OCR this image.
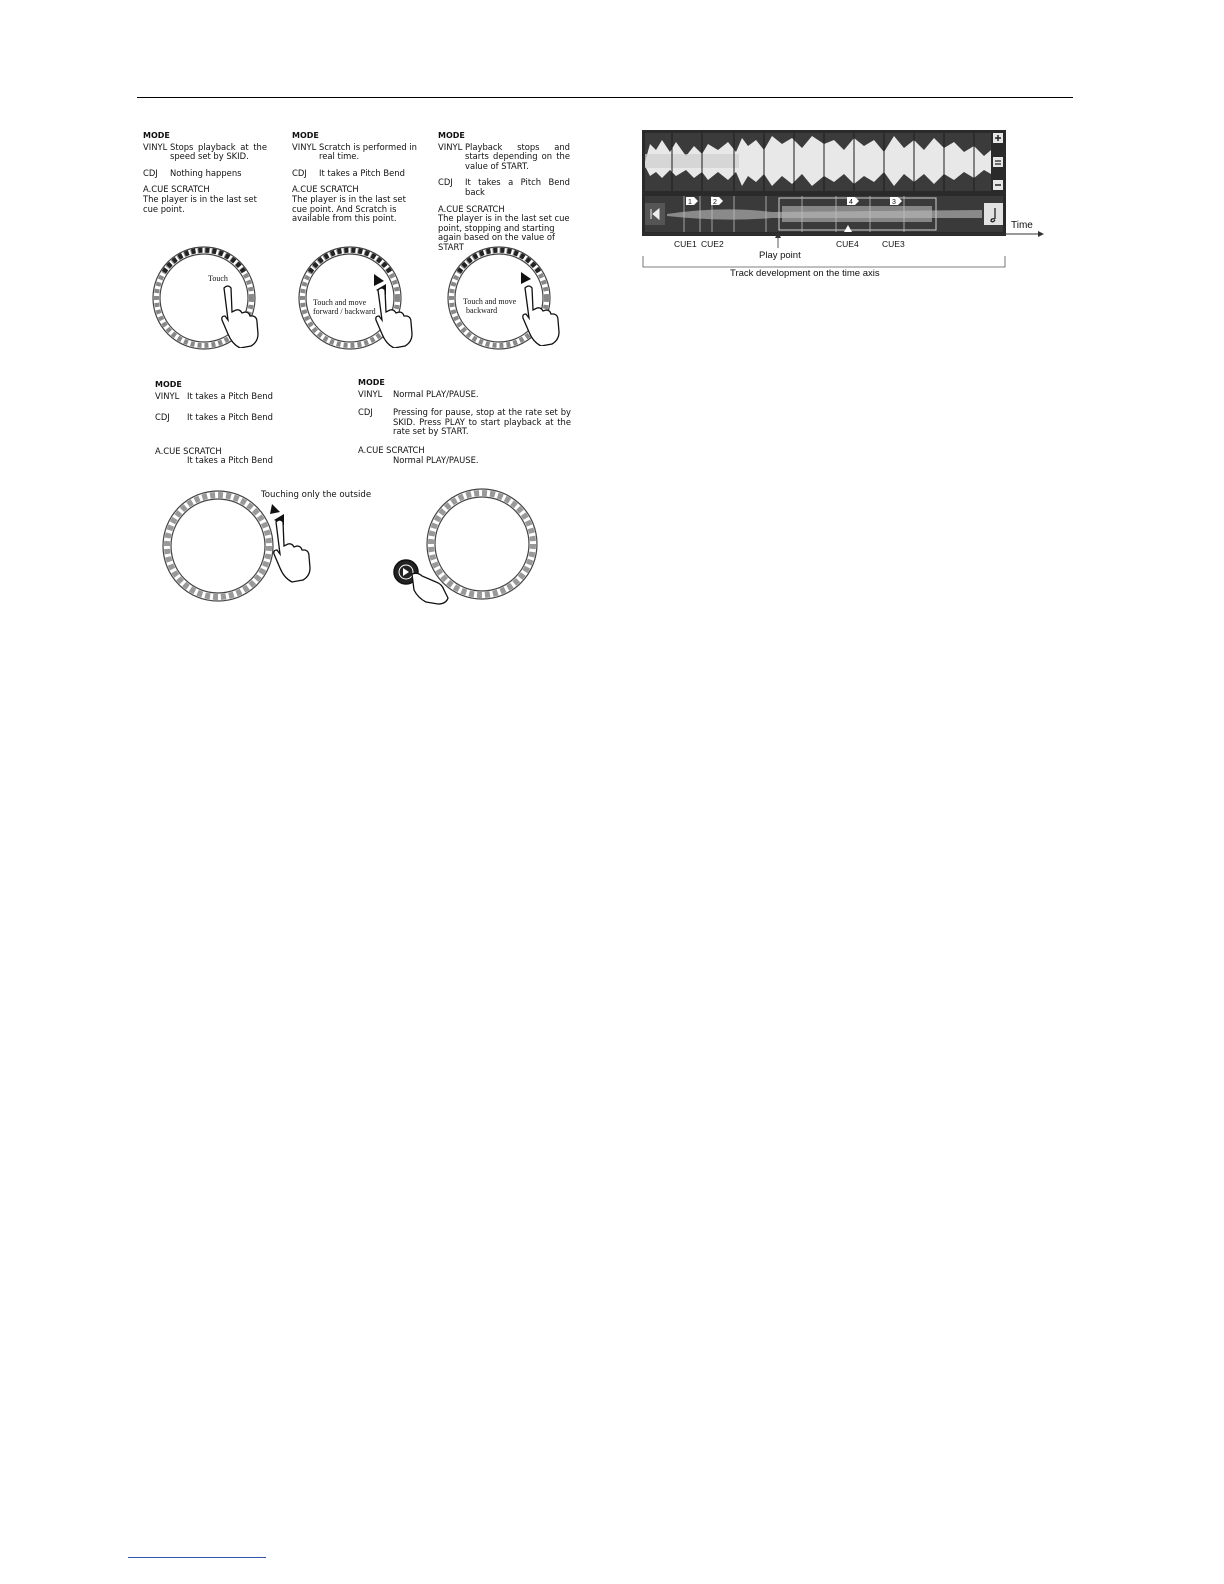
MODE
VINYL Stops playback at the speed set by SKID.
CDJ	Nothing happens
A.CUE SCRATCH
The player is in the last set cue point.
MODE
VINYL Scratch is performed in real time.
CDJ	It takes a Pitch Bend
A.CUE SCRATCH
The player is in the last set cue point. And Scratch is available from this point.
MODE
VINYL Playback stops and starts depending on the value of START.
CDJ	It takes a Pitch Bend back
A.CUE SCRATCH
The player is in the last set cue point, stopping and starting again based on the value of START
Touch
Touch and move
forward / backward
Touch and move
backward
MODE
VINYL It takes a Pitch Bend
CDJ	It takes a Pitch Bend
A.CUE SCRATCH
It takes a Pitch Bend
MODE
VINYL	Normal PLAY/PAUSE.
CDJ	Pressing for pause, stop at the rate set by SKID. Press PLAY to start playback at the rate set by START.
A.CUE SCRATCH
Normal PLAY/PAUSE.
Touching only the outside
1	2	4	3
Time
CUE1 CUE2	CUE4	CUE3
Play point
Track development on the time axis
